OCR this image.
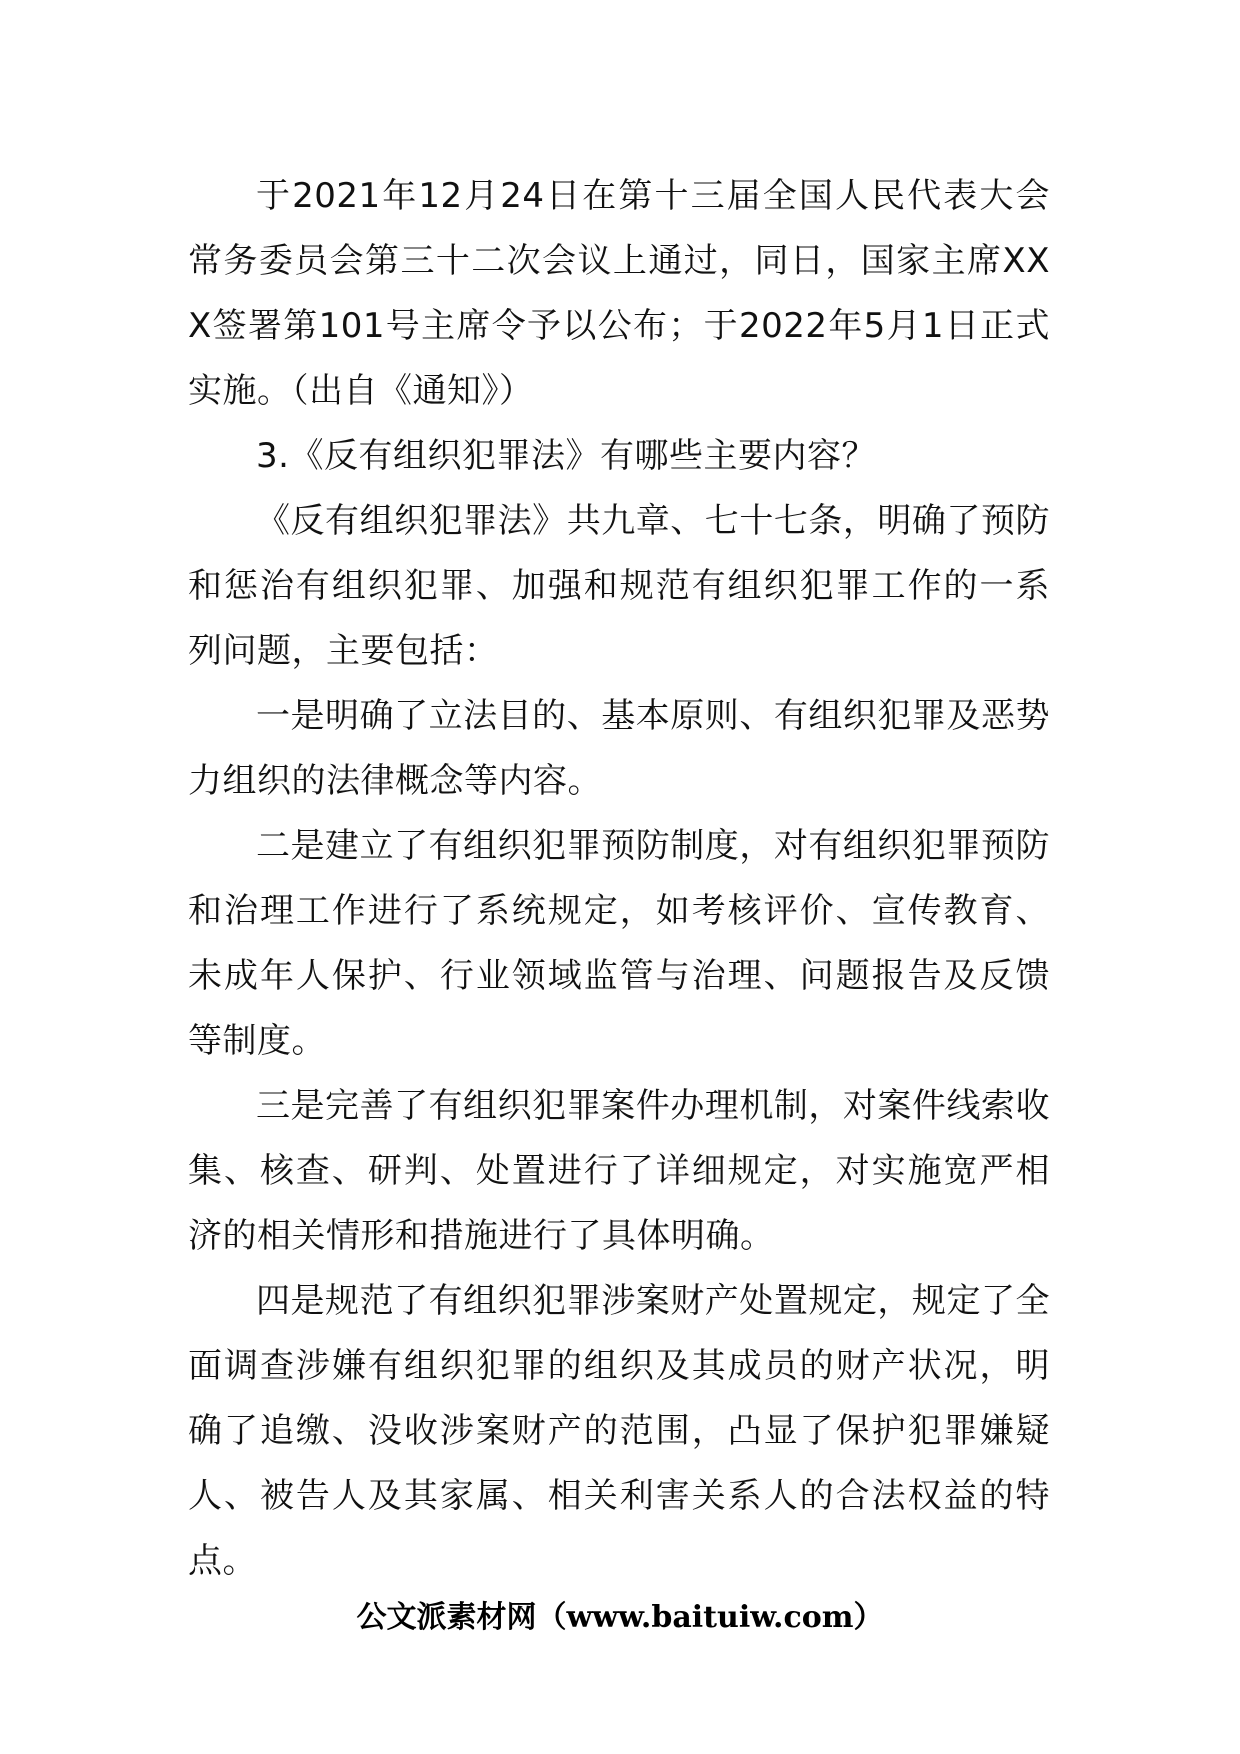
于2021年12月24日在第十三届全国人民代表大会常务委员会第三十二次会议上通过，同日，国家主席XXX签署第101号主席令予以公布；于2022年5月1日正式实施。（出自《通知》）

3.《反有组织犯罪法》有哪些主要内容？

《反有组织犯罪法》共九章、七十七条，明确了预防和惩治有组织犯罪、加强和规范有组织犯罪工作的一系列问题，主要包括：

一是明确了立法目的、基本原则、有组织犯罪及恶势力组织的法律概念等内容。

二是建立了有组织犯罪预防制度，对有组织犯罪预防和治理工作进行了系统规定，如考核评价、宣传教育、未成年人保护、行业领域监管与治理、问题报告及反馈等制度。

三是完善了有组织犯罪案件办理机制，对案件线索收集、核查、研判、处置进行了详细规定，对实施宽严相济的相关情形和措施进行了具体明确。

四是规范了有组织犯罪涉案财产处置规定，规定了全面调查涉嫌有组织犯罪的组织及其成员的财产状况，明确了追缴、没收涉案财产的范围，凸显了保护犯罪嫌疑人、被告人及其家属、相关利害关系人的合法权益的特点。

公文派素材网（www.baituiw.com）
